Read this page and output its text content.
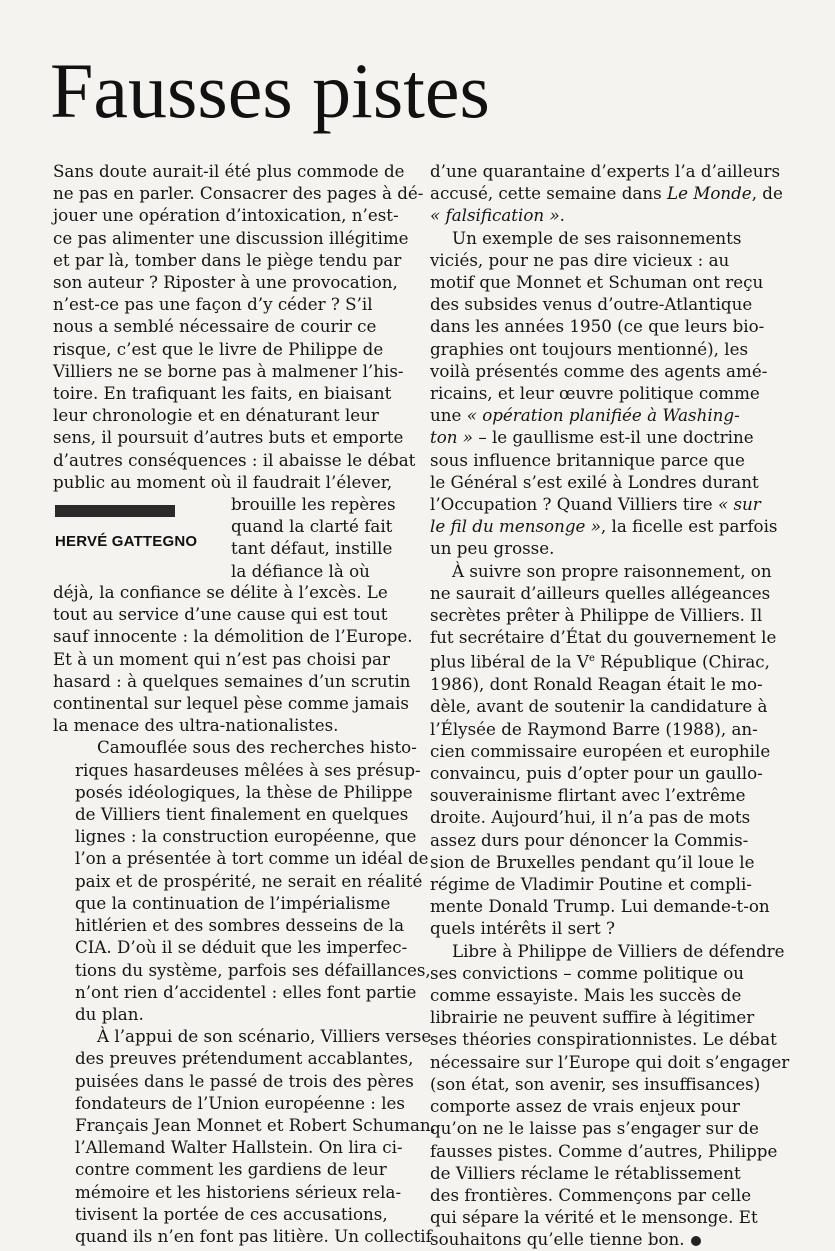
Fausses pistes

Sans doute aurait-il été plus commode de
ne pas en parler. Consacrer des pages à dé-
jouer une opération d’intoxication, n’est-
ce pas alimenter une discussion illégitime
et par là, tomber dans le piège tendu par
son auteur ? Riposter à une provocation,
n’est-ce pas une façon d’y céder ? S’il
nous a semblé nécessaire de courir ce
risque, c’est que le livre de Philippe de
Villiers ne se borne pas à malmener l’his-
toire. En trafiquant les faits, en biaisant
leur chronologie et en dénaturant leur
sens, il poursuit d’autres buts et emporte
d’autres conséquences : il abaisse le débat
public au moment où il faudrait l’élever,

HERVÉ GATTEGNO
brouille les repères
quand la clarté fait
tant défaut, instille
la défiance là où

déjà, la confiance se délite à l’excès. Le
tout au service d’une cause qui est tout
sauf innocente : la démolition de l’Europe.
Et à un moment qui n’est pas choisi par
hasard : à quelques semaines d’un scrutin
continental sur lequel pèse comme jamais
la menace des ultra-nationalistes.

Camouflée sous des recherches histo-
riques hasardeuses mêlées à ses présup-
posés idéologiques, la thèse de Philippe
de Villiers tient finalement en quelques
lignes : la construction européenne, que
l’on a présentée à tort comme un idéal de
paix et de prospérité, ne serait en réalité
que la continuation de l’impérialisme
hitlérien et des sombres desseins de la
CIA. D’où il se déduit que les imperfec-
tions du système, parfois ses défaillances,
n’ont rien d’accidentel : elles font partie
du plan.

À l’appui de son scénario, Villiers verse
des preuves prétendument accablantes,
puisées dans le passé de trois des pères
fondateurs de l’Union européenne : les
Français Jean Monnet et Robert Schuman,
l’Allemand Walter Hallstein. On lira ci-
contre comment les gardiens de leur
mémoire et les historiens sérieux rela-
tivisent la portée de ces accusations,
quand ils n’en font pas litière. Un collectif

d’une quarantaine d’experts l’a d’ailleurs
accusé, cette semaine dans Le Monde, de
« falsification ».

Un exemple de ses raisonnements
viciés, pour ne pas dire vicieux : au
motif que Monnet et Schuman ont reçu
des subsides venus d’outre-Atlantique
dans les années 1950 (ce que leurs bio-
graphies ont toujours mentionné), les
voilà présentés comme des agents amé-
ricains, et leur œuvre politique comme
une « opération planifiée à Washing-
ton » – le gaullisme est-il une doctrine
sous influence britannique parce que
le Général s’est exilé à Londres durant
l’Occupation ? Quand Villiers tire « sur
le fil du mensonge », la ficelle est parfois
un peu grosse.

À suivre son propre raisonnement, on
ne saurait d’ailleurs quelles allégeances
secrètes prêter à Philippe de Villiers. Il
fut secrétaire d’État du gouvernement le
plus libéral de la Ve République (Chirac,
1986), dont Ronald Reagan était le mo-
dèle, avant de soutenir la candidature à
l’Élysée de Raymond Barre (1988), an-
cien commissaire européen et europhile
convaincu, puis d’opter pour un gaullo-
souverainisme flirtant avec l’extrême
droite. Aujourd’hui, il n’a pas de mots
assez durs pour dénoncer la Commis-
sion de Bruxelles pendant qu’il loue le
régime de Vladimir Poutine et compli-
mente Donald Trump. Lui demande-t-on
quels intérêts il sert ?

Libre à Philippe de Villiers de défendre
ses convictions – comme politique ou
comme essayiste. Mais les succès de
librairie ne peuvent suffire à légitimer
ses théories conspirationnistes. Le débat
nécessaire sur l’Europe qui doit s’engager
(son état, son avenir, ses insuffisances)
comporte assez de vrais enjeux pour
qu’on ne le laisse pas s’engager sur de
fausses pistes. Comme d’autres, Philippe
de Villiers réclame le rétablissement
des frontières. Commençons par celle
qui sépare la vérité et le mensonge. Et
souhaitons qu’elle tienne bon.
